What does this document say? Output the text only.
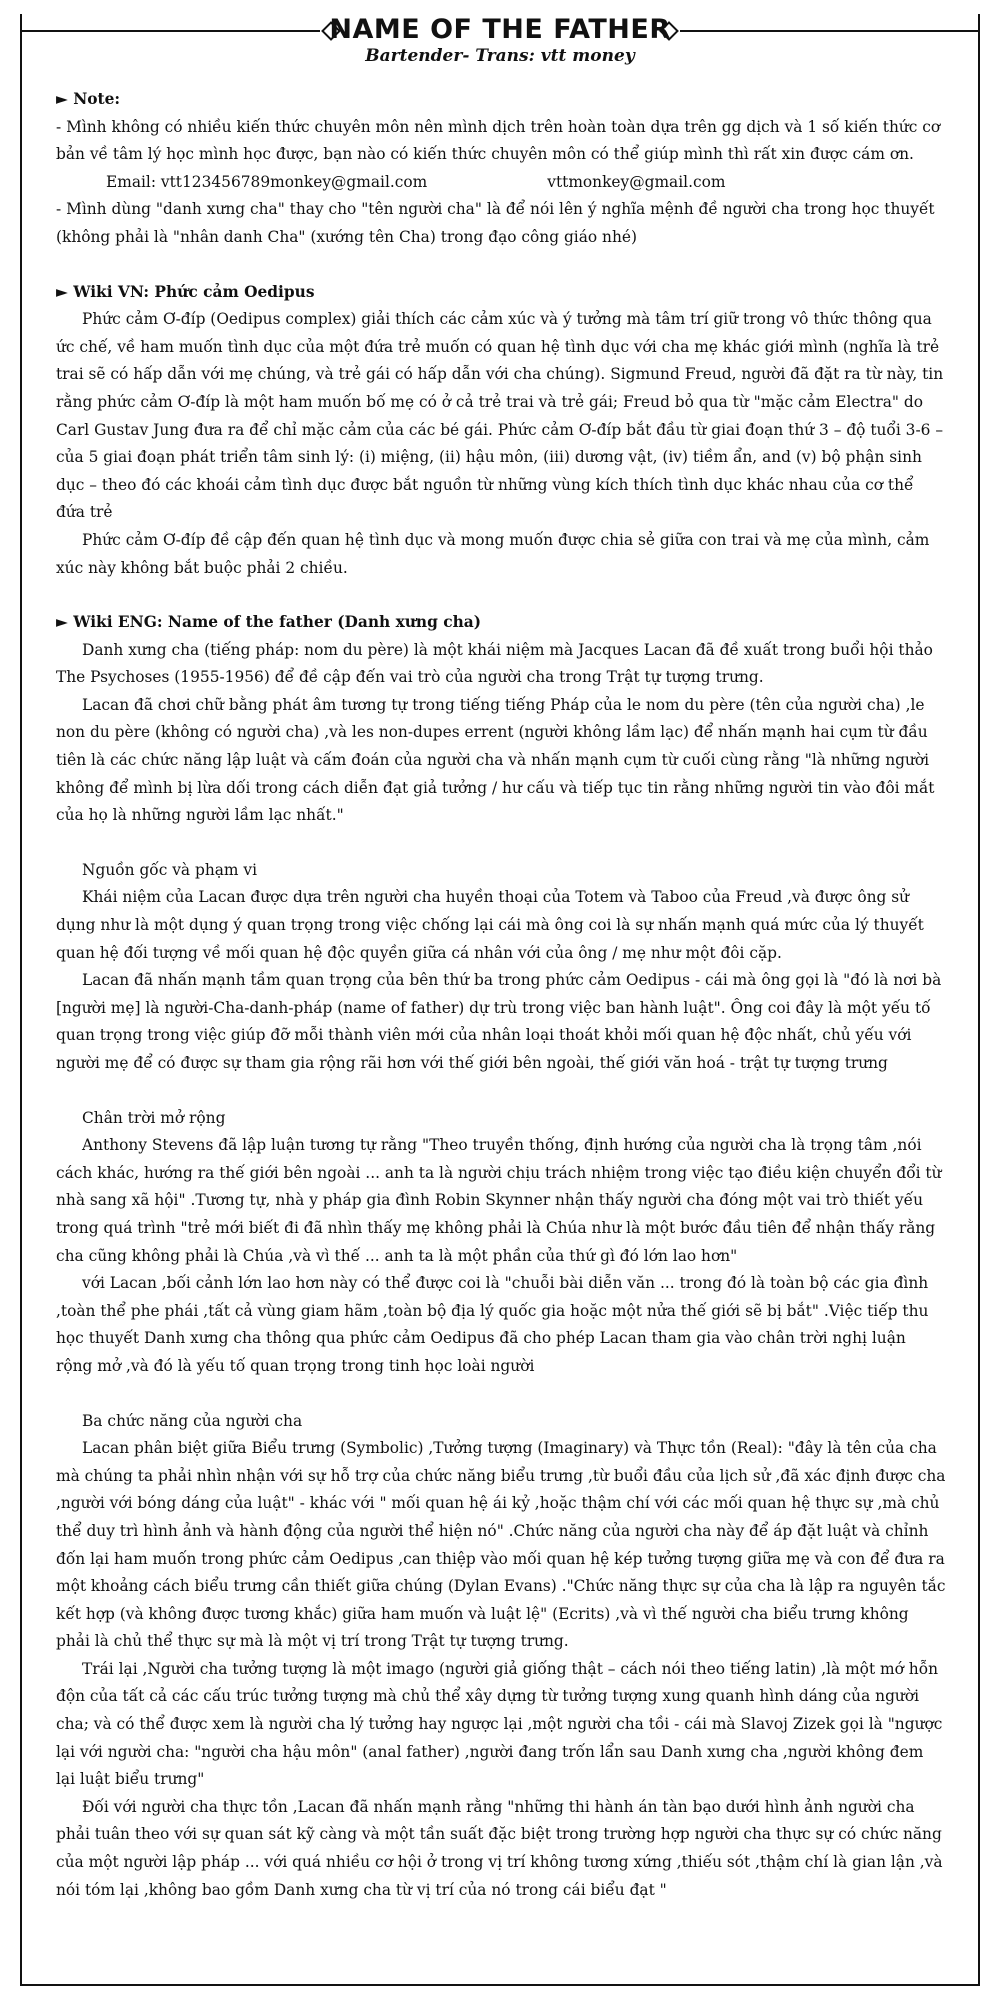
NAME OF THE FATHER
Bartender- Trans: vtt money

► Note:

- Mình không có nhiều kiến thức chuyên môn nên mình dịch trên hoàn toàn dựa trên gg dịch và 1 số kiến thức cơ bản về tâm lý học mình học được, bạn nào có kiến thức chuyên môn có thể giúp mình thì rất xin được cám ơn.

Email: vtt123456789monkey@gmail.com	vttmonkey@gmail.com

- Mình dùng "danh xưng cha" thay cho "tên người cha" là để nói lên ý nghĩa mệnh đề người cha trong học thuyết (không phải là "nhân danh Cha" (xướng tên Cha) trong đạo công giáo nhé)

► Wiki VN: Phức cảm Oedipus

Phức cảm Ơ-đíp (Oedipus complex) giải thích các cảm xúc và ý tưởng mà tâm trí giữ trong vô thức thông qua ức chế, về ham muốn tình dục của một đứa trẻ muốn có quan hệ tình dục với cha mẹ khác giới mình (nghĩa là trẻ trai sẽ có hấp dẫn với mẹ chúng, và trẻ gái có hấp dẫn với cha chúng). Sigmund Freud, người đã đặt ra từ này, tin rằng phức cảm Ơ-đíp là một ham muốn bố mẹ có ở cả trẻ trai và trẻ gái; Freud bỏ qua từ "mặc cảm Electra" do Carl Gustav Jung đưa ra để chỉ mặc cảm của các bé gái. Phức cảm Ơ-đíp bắt đầu từ giai đoạn thứ 3 – độ tuổi 3-6 – của 5 giai đoạn phát triển tâm sinh lý: (i) miệng, (ii) hậu môn, (iii) dương vật, (iv) tiềm ẩn, and (v) bộ phận sinh dục – theo đó các khoái cảm tình dục được bắt nguồn từ những vùng kích thích tình dục khác nhau của cơ thể đứa trẻ

Phức cảm Ơ-đíp đề cập đến quan hệ tình dục và mong muốn được chia sẻ giữa con trai và mẹ của mình, cảm xúc này không bắt buộc phải 2 chiều.

► Wiki ENG: Name of the father (Danh xưng cha)

Danh xưng cha (tiếng pháp: nom du père) là một khái niệm mà Jacques Lacan đã đề xuất trong buổi hội thảo The Psychoses (1955-1956) để đề cập đến vai trò của người cha trong Trật tự tượng trưng.

Lacan đã chơi chữ bằng phát âm tương tự trong tiếng tiếng Pháp của le nom du père (tên của người cha) ,le non du père (không có người cha) ,và les non-dupes errent (người không lầm lạc) để nhấn mạnh hai cụm từ đầu tiên là các chức năng lập luật và cấm đoán của người cha và nhấn mạnh cụm từ cuối cùng rằng "là những người không để mình bị lừa dối trong cách diễn đạt giả tưởng / hư cấu và tiếp tục tin rằng những người tin vào đôi mắt của họ là những người lầm lạc nhất."

Nguồn gốc và phạm vi

Khái niệm của Lacan được dựa trên người cha huyền thoại của Totem và Taboo của Freud ,và được ông sử dụng như là một dụng ý quan trọng trong việc chống lại cái mà ông coi là sự nhấn mạnh quá mức của lý thuyết quan hệ đối tượng về mối quan hệ độc quyền giữa cá nhân với của ông / mẹ như một đôi cặp.

Lacan đã nhấn mạnh tầm quan trọng của bên thứ ba trong phức cảm Oedipus - cái mà ông gọi là "đó là nơi bà [người mẹ] là người-Cha-danh-pháp (name of father) dự trù trong việc ban hành luật". Ông coi đây là một yếu tố quan trọng trong việc giúp đỡ mỗi thành viên mới của nhân loại thoát khỏi mối quan hệ độc nhất, chủ yếu với người mẹ để có được sự tham gia rộng rãi hơn với thế giới bên ngoài, thế giới văn hoá - trật tự tượng trưng

Chân trời mở rộng

Anthony Stevens đã lập luận tương tự rằng "Theo truyền thống, định hướng của người cha là trọng tâm ,nói cách khác, hướng ra thế giới bên ngoài ... anh ta là người chịu trách nhiệm trong việc tạo điều kiện chuyển đổi từ nhà sang xã hội" .Tương tự, nhà y pháp gia đình Robin Skynner nhận thấy người cha đóng một vai trò thiết yếu trong quá trình "trẻ mới biết đi đã nhìn thấy mẹ không phải là Chúa như là một bước đầu tiên để nhận thấy rằng cha cũng không phải là Chúa ,và vì thế ... anh ta là một phần của thứ gì đó lớn lao hơn"

với Lacan ,bối cảnh lớn lao hơn này có thể được coi là "chuỗi bài diễn văn ... trong đó là toàn bộ các gia đình ,toàn thể phe phái ,tất cả vùng giam hãm ,toàn bộ địa lý quốc gia hoặc một nửa thế giới sẽ bị bắt" .Việc tiếp thu học thuyết Danh xưng cha thông qua phức cảm Oedipus đã cho phép Lacan tham gia vào chân trời nghị luận rộng mở ,và đó là yếu tố quan trọng trong tinh học loài người

Ba chức năng của người cha

Lacan phân biệt giữa Biểu trưng (Symbolic) ,Tưởng tượng (Imaginary) và Thực tồn (Real): "đây là tên của cha mà chúng ta phải nhìn nhận với sự hỗ trợ của chức năng biểu trưng ,từ buổi đầu của lịch sử ,đã xác định được cha ,người với bóng dáng của luật" - khác với " mối quan hệ ái kỷ ,hoặc thậm chí với các mối quan hệ thực sự ,mà chủ thể duy trì hình ảnh và hành động của người thể hiện nó" .Chức năng của người cha này để áp đặt luật và chỉnh đốn lại ham muốn trong phức cảm Oedipus ,can thiệp vào mối quan hệ kép tưởng tượng giữa mẹ và con để đưa ra một khoảng cách biểu trưng cần thiết giữa chúng (Dylan Evans) ."Chức năng thực sự của cha là lập ra nguyên tắc kết hợp (và không được tương khắc) giữa ham muốn và luật lệ" (Ecrits) ,và vì thế người cha biểu trưng không phải là chủ thể thực sự mà là một vị trí trong Trật tự tượng trưng.

Trái lại ,Người cha tưởng tượng là một imago (người giả giống thật – cách nói theo tiếng latin) ,là một mớ hỗn độn của tất cả các cấu trúc tưởng tượng mà chủ thể xây dựng từ tưởng tượng xung quanh hình dáng của người cha; và có thể được xem là người cha lý tưởng hay ngược lại ,một người cha tồi - cái mà Slavoj Zizek gọi là "ngược lại với người cha: "người cha hậu môn" (anal father) ,người đang trốn lẩn sau Danh xưng cha ,người không đem lại luật biểu trưng"

Đối với người cha thực tồn ,Lacan đã nhấn mạnh rằng "những thi hành án tàn bạo dưới hình ảnh người cha phải tuân theo với sự quan sát kỹ càng và một tần suất đặc biệt trong trường hợp người cha thực sự có chức năng của một người lập pháp ... với quá nhiều cơ hội ở trong vị trí không tương xứng ,thiếu sót ,thậm chí là gian lận ,và nói tóm lại ,không bao gồm Danh xưng cha từ vị trí của nó trong cái biểu đạt "
